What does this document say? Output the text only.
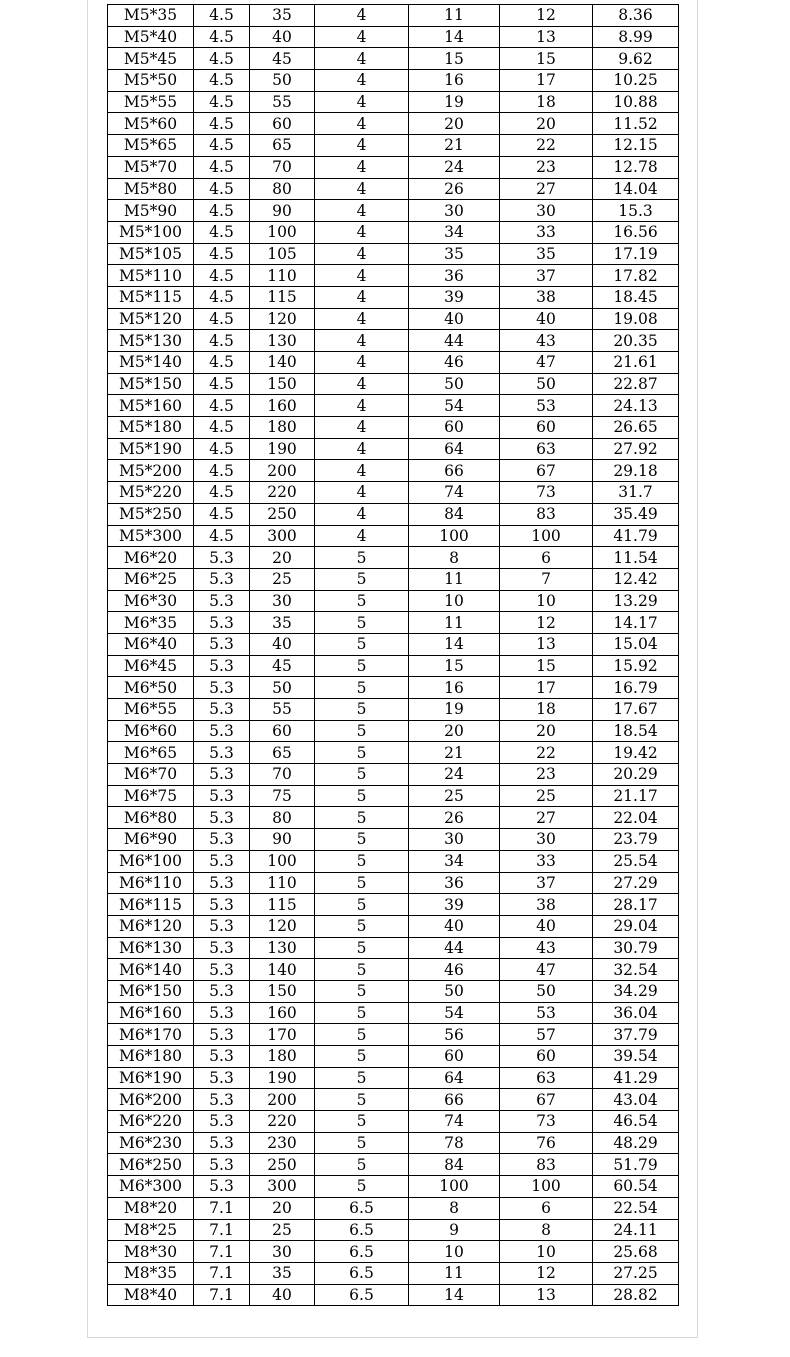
M5*35	4.5	35	4	11	12	8.36
M5*40	4.5	40	4	14	13	8.99
M5*45	4.5	45	4	15	15	9.62
M5*50	4.5	50	4	16	17	10.25
M5*55	4.5	55	4	19	18	10.88
M5*60	4.5	60	4	20	20	11.52
M5*65	4.5	65	4	21	22	12.15
M5*70	4.5	70	4	24	23	12.78
M5*80	4.5	80	4	26	27	14.04
M5*90	4.5	90	4	30	30	15.3
M5*100	4.5	100	4	34	33	16.56
M5*105	4.5	105	4	35	35	17.19
M5*110	4.5	110	4	36	37	17.82
M5*115	4.5	115	4	39	38	18.45
M5*120	4.5	120	4	40	40	19.08
M5*130	4.5	130	4	44	43	20.35
M5*140	4.5	140	4	46	47	21.61
M5*150	4.5	150	4	50	50	22.87
M5*160	4.5	160	4	54	53	24.13
M5*180	4.5	180	4	60	60	26.65
M5*190	4.5	190	4	64	63	27.92
M5*200	4.5	200	4	66	67	29.18
M5*220	4.5	220	4	74	73	31.7
M5*250	4.5	250	4	84	83	35.49
M5*300	4.5	300	4	100	100	41.79
M6*20	5.3	20	5	8	6	11.54
M6*25	5.3	25	5	11	7	12.42
M6*30	5.3	30	5	10	10	13.29
M6*35	5.3	35	5	11	12	14.17
M6*40	5.3	40	5	14	13	15.04
M6*45	5.3	45	5	15	15	15.92
M6*50	5.3	50	5	16	17	16.79
M6*55	5.3	55	5	19	18	17.67
M6*60	5.3	60	5	20	20	18.54
M6*65	5.3	65	5	21	22	19.42
M6*70	5.3	70	5	24	23	20.29
M6*75	5.3	75	5	25	25	21.17
M6*80	5.3	80	5	26	27	22.04
M6*90	5.3	90	5	30	30	23.79
M6*100	5.3	100	5	34	33	25.54
M6*110	5.3	110	5	36	37	27.29
M6*115	5.3	115	5	39	38	28.17
M6*120	5.3	120	5	40	40	29.04
M6*130	5.3	130	5	44	43	30.79
M6*140	5.3	140	5	46	47	32.54
M6*150	5.3	150	5	50	50	34.29
M6*160	5.3	160	5	54	53	36.04
M6*170	5.3	170	5	56	57	37.79
M6*180	5.3	180	5	60	60	39.54
M6*190	5.3	190	5	64	63	41.29
M6*200	5.3	200	5	66	67	43.04
M6*220	5.3	220	5	74	73	46.54
M6*230	5.3	230	5	78	76	48.29
M6*250	5.3	250	5	84	83	51.79
M6*300	5.3	300	5	100	100	60.54
M8*20	7.1	20	6.5	8	6	22.54
M8*25	7.1	25	6.5	9	8	24.11
M8*30	7.1	30	6.5	10	10	25.68
M8*35	7.1	35	6.5	11	12	27.25
M8*40	7.1	40	6.5	14	13	28.82
